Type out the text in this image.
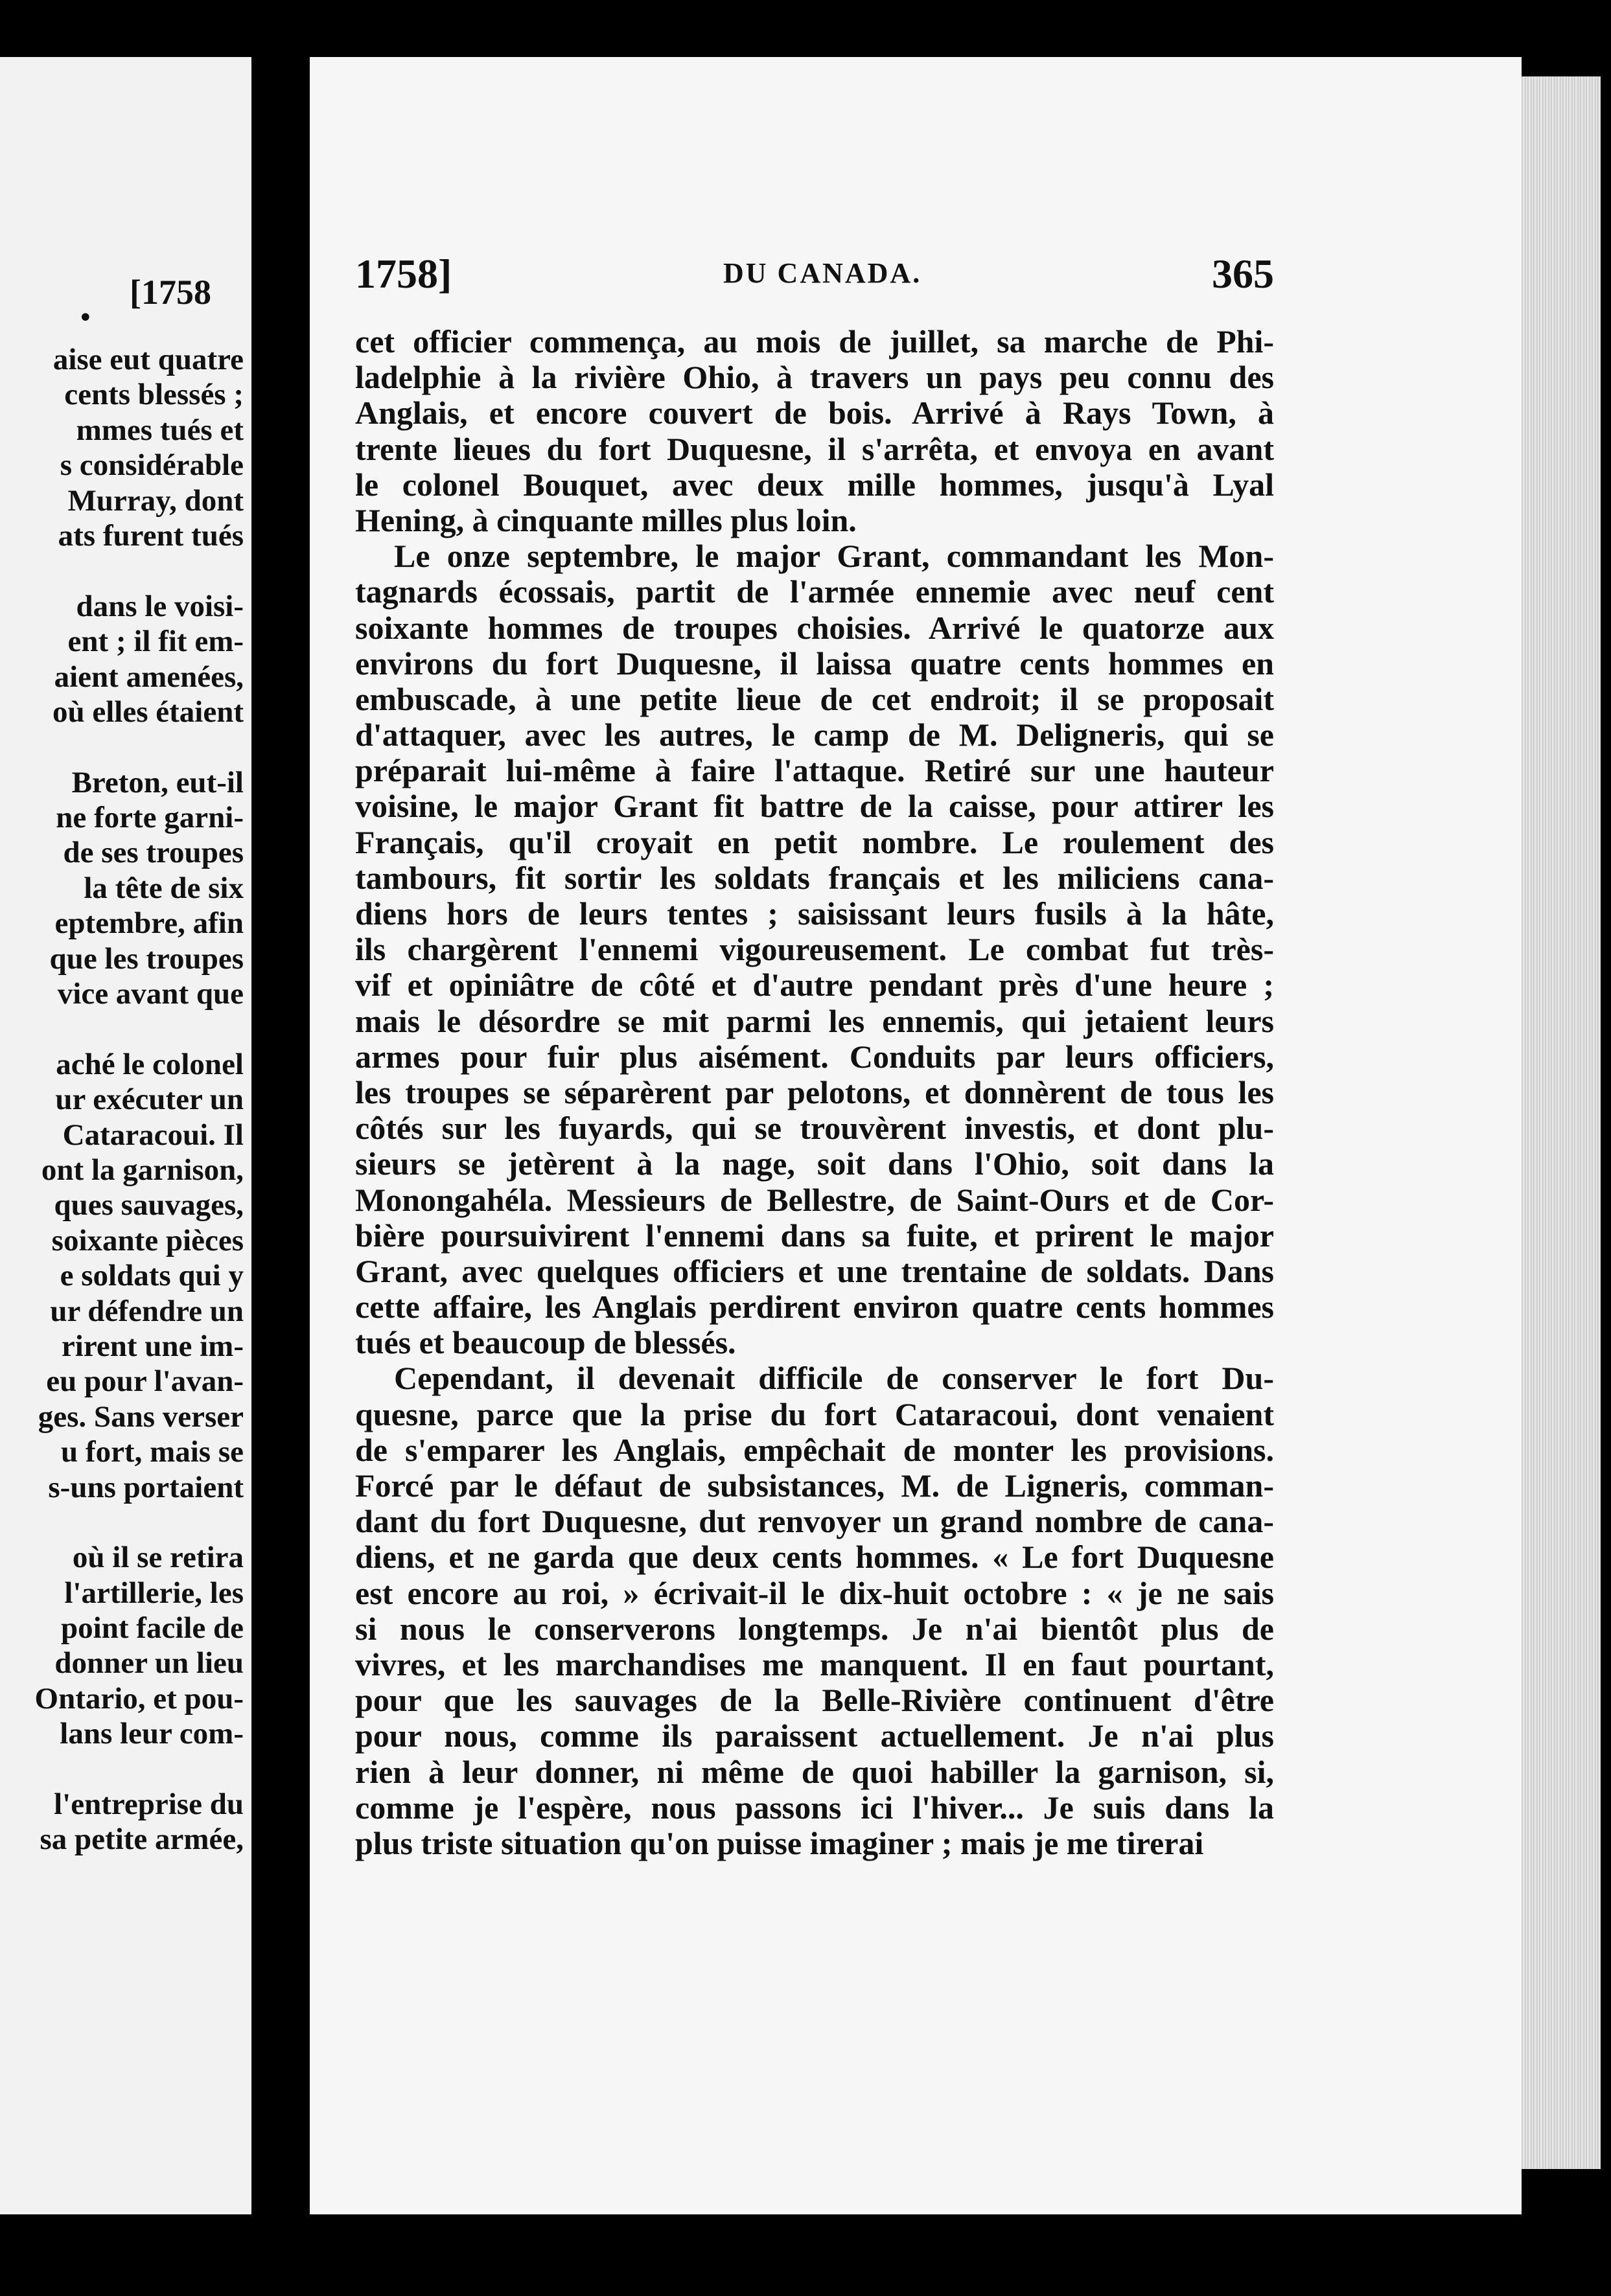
[1758
•
aise eut quatre
cents blessés ;
mmes tués et
s considérable
Murray, dont
ats furent tués
dans le voisi-
ent ; il fit em-
aient amenées,
où elles étaient
Breton, eut-il
ne forte garni-
de ses troupes
la tête de six
eptembre, afin
que les troupes
vice avant que
aché le colonel
ur exécuter un
Cataracoui. Il
ont la garnison,
ques sauvages,
soixante pièces
e soldats qui y
ur défendre un
rirent une im-
eu pour l'avan-
ges. Sans verser
u fort, mais se
s-uns portaient
où il se retira
l'artillerie, les
point facile de
donner un lieu
Ontario, et pou-
lans leur com-
l'entreprise du
sa petite armée,
1758]	DU CANADA.	365
cet officier commença, au mois de juillet, sa marche de Phi-
ladelphie à la rivière Ohio, à travers un pays peu connu des
Anglais, et encore couvert de bois. Arrivé à Rays Town, à
trente lieues du fort Duquesne, il s'arrêta, et envoya en avant
le colonel Bouquet, avec deux mille hommes, jusqu'à Lyal
Hening, à cinquante milles plus loin.
Le onze septembre, le major Grant, commandant les Mon-
tagnards écossais, partit de l'armée ennemie avec neuf cent
soixante hommes de troupes choisies. Arrivé le quatorze aux
environs du fort Duquesne, il laissa quatre cents hommes en
embuscade, à une petite lieue de cet endroit; il se proposait
d'attaquer, avec les autres, le camp de M. Deligneris, qui se
préparait lui-même à faire l'attaque. Retiré sur une hauteur
voisine, le major Grant fit battre de la caisse, pour attirer les
Français, qu'il croyait en petit nombre. Le roulement des
tambours, fit sortir les soldats français et les miliciens cana-
diens hors de leurs tentes ; saisissant leurs fusils à la hâte,
ils chargèrent l'ennemi vigoureusement. Le combat fut très-
vif et opiniâtre de côté et d'autre pendant près d'une heure ;
mais le désordre se mit parmi les ennemis, qui jetaient leurs
armes pour fuir plus aisément. Conduits par leurs officiers,
les troupes se séparèrent par pelotons, et donnèrent de tous les
côtés sur les fuyards, qui se trouvèrent investis, et dont plu-
sieurs se jetèrent à la nage, soit dans l'Ohio, soit dans la
Monongahéla. Messieurs de Bellestre, de Saint-Ours et de Cor-
bière poursuivirent l'ennemi dans sa fuite, et prirent le major
Grant, avec quelques officiers et une trentaine de soldats. Dans
cette affaire, les Anglais perdirent environ quatre cents hommes
tués et beaucoup de blessés.
Cependant, il devenait difficile de conserver le fort Du-
quesne, parce que la prise du fort Cataracoui, dont venaient
de s'emparer les Anglais, empêchait de monter les provisions.
Forcé par le défaut de subsistances, M. de Ligneris, comman-
dant du fort Duquesne, dut renvoyer un grand nombre de cana-
diens, et ne garda que deux cents hommes. « Le fort Duquesne
est encore au roi, » écrivait-il le dix-huit octobre : « je ne sais
si nous le conserverons longtemps. Je n'ai bientôt plus de
vivres, et les marchandises me manquent. Il en faut pourtant,
pour que les sauvages de la Belle-Rivière continuent d'être
pour nous, comme ils paraissent actuellement. Je n'ai plus
rien à leur donner, ni même de quoi habiller la garnison, si,
comme je l'espère, nous passons ici l'hiver... Je suis dans la
plus triste situation qu'on puisse imaginer ; mais je me tirerai
